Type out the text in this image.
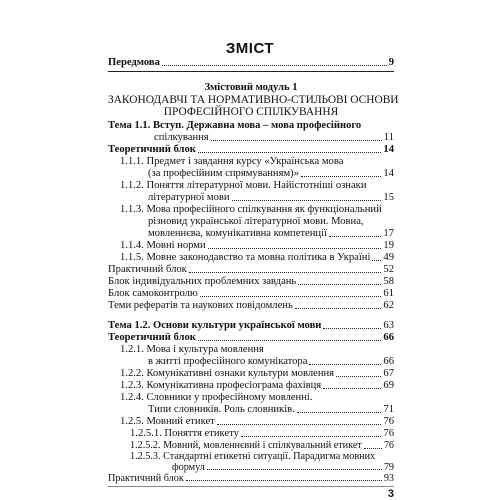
ЗМІСТ
Передмова	9
Змістовий модуль 1
ЗАКОНОДАВЧІ ТА НОРМАТИВНО-СТИЛЬОВІ ОСНОВИ
ПРОФЕСІЙНОГО СПІЛКУВАННЯ
Тема 1.1. Вступ. Державна мова – мова професійного
спілкування	11
Теоретичний блок	14
1.1.1. Предмет і завдання курсу «Українська мова
(за професійним спрямуванням)»	14
1.1.2. Поняття літературної мови. Найістотніші ознаки
літературної мови	15
1.1.3. Мова професійного спілкування як функціональний
різновид української літературної мови. Мовна,
мовленнєва, комунікативна компетенції	17
1.1.4. Мовні норми	19
1.1.5. Мовне законодавство та мовна політика в Україні 49
Практичний блок	52
Блок індивідуальних проблемних завдань	58
Блок самоконтролю	61
Теми рефератів та наукових повідомлень	62
Тема 1.2. Основи культури української мови	63
Теоретичний блок	66
1.2.1. Мова і культура мовлення
в житті професійного комунікатора	66
1.2.2. Комунікативні ознаки культури мовлення	67
1.2.3. Комунікативна професіограма фахівця	69
1.2.4. Словники у професійному мовленні.
Типи словників. Роль словників.	71
1.2.5. Мовний етикет	76
1.2.5.1. Поняття етикету	76
1.2.5.2. Мовний, мовленнєвий і спілкувальний етикет 76
1.2.5.3. Стандартні етикетні ситуації. Парадигма мовних
формул	79
Практичний блок	93
3
